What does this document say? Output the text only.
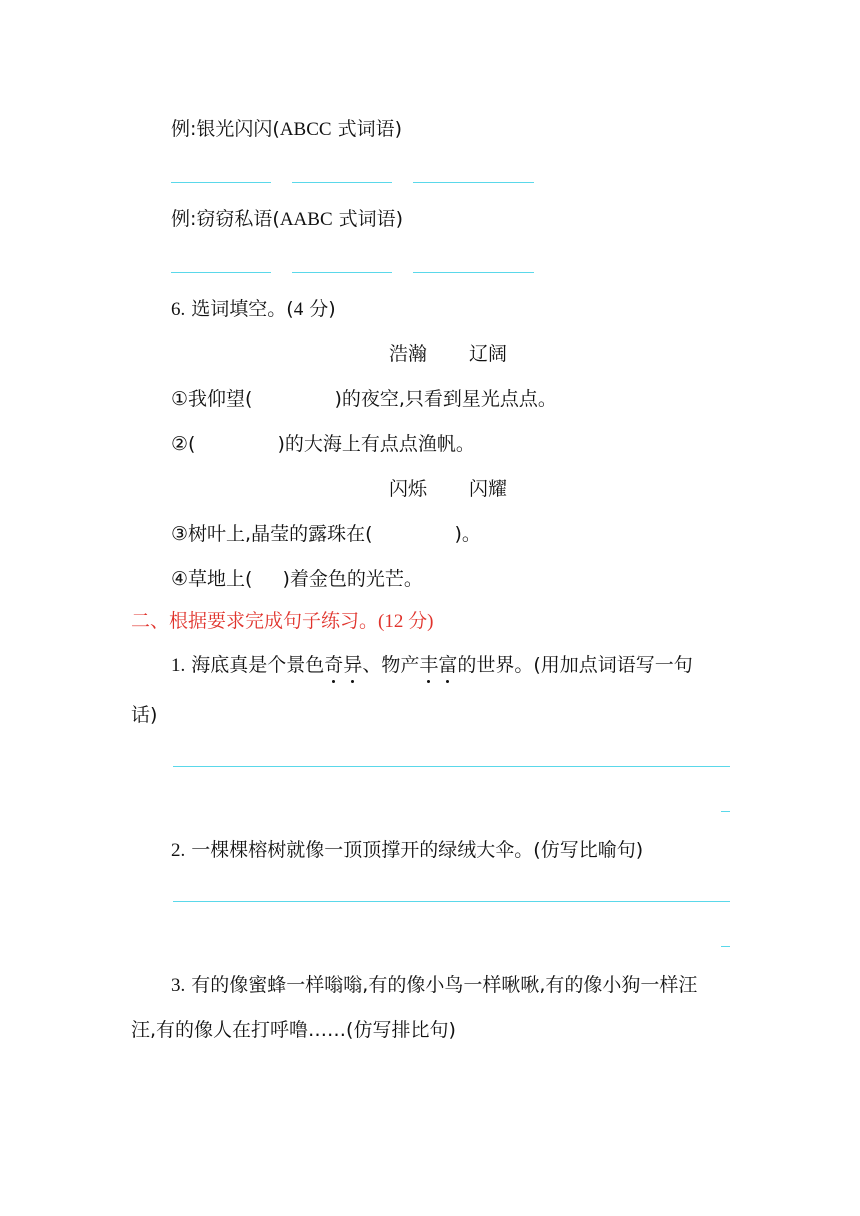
例:银光闪闪(ABCC 式词语)
例:窃窃私语(AABC 式词语)
6. 选词填空。(4 分)
浩瀚 辽阔
①我仰望(	)的夜空,只看到星光点点。
②(	)的大海上有点点渔帆。
闪烁 闪耀
③树叶上,晶莹的露珠在(	)。
④草地上( )着金色的光芒。
二、根据要求完成句子练习。(12 分)
1. 海底真是个景色奇异、物产丰富的世界。(用加点词语写一句
话)
2. 一棵棵榕树就像一顶顶撑开的绿绒大伞。(仿写比喻句)
3. 有的像蜜蜂一样嗡嗡,有的像小鸟一样啾啾,有的像小狗一样汪
汪,有的像人在打呼噜……(仿写排比句)
